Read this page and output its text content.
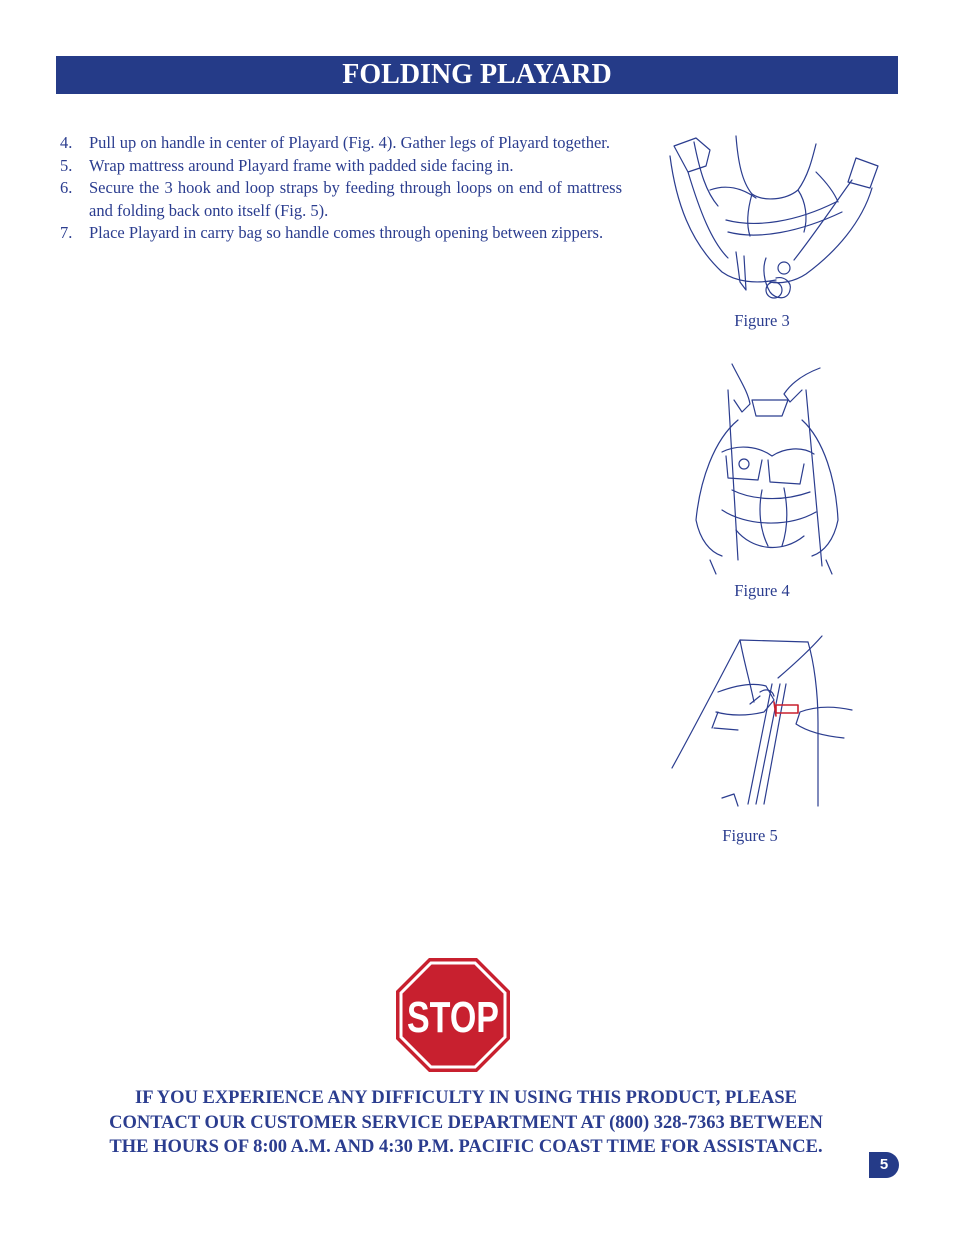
FOLDING PLAYARD
4.	Pull up on handle in center of Playard (Fig. 4). Gather legs of Playard together.
5.	Wrap mattress around Playard frame with padded side facing in.
6.	Secure the 3 hook and loop straps by feeding through loops on end of mattress and folding back onto itself (Fig. 5).
7.	Place Playard in carry bag so handle comes through opening between zippers.
Figure 3
Figure 4
Figure 5
STOP
IF YOU EXPERIENCE ANY DIFFICULTY IN USING THIS PRODUCT, PLEASE
CONTACT OUR CUSTOMER SERVICE DEPARTMENT AT (800) 328-7363 BETWEEN
THE HOURS OF 8:00 A.M. AND 4:30 P.M. PACIFIC COAST TIME FOR ASSISTANCE.
5
